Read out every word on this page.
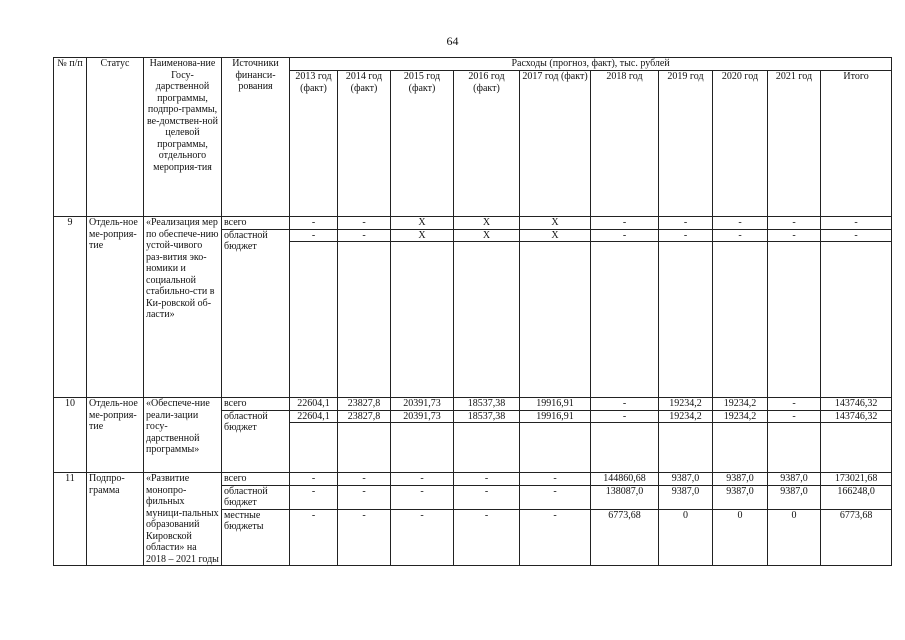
64
№ п/п	Статус	Наименова-ние Госу-дарственной программы, подпро-граммы, ве-домствен-ной целевой программы, отдельного мероприя-тия	Источники финанси-рования	Расходы (прогноз, факт), тыс. рублей									
				2013 год (факт)	2014 год (факт)	2015 год (факт)	2016 год (факт)	2017 год (факт)	2018 год	2019 год	2020 год	2021 год	Итого
9	Отдель-ное ме-роприя-тие	«Реализация мер по обеспече-нию устой-чивого раз-вития эко-номики и социальной стабильно-сти в Ки-ровской об-ласти»	всего	-	-	X	X	X	-	-	-	-	-
			областной бюджет	-	-	X	X	X	-	-	-	-	-

10	Отдель-ное ме-роприя-тие	«Обеспече-ние реали-зации госу-дарственной программы»	всего	22604,1	23827,8	20391,73	18537,38	19916,91	-	19234,2	19234,2	-	143746,32
			областной бюджет	22604,1	23827,8	20391,73	18537,38	19916,91	-	19234,2	19234,2	-	143746,32

11	Подпро-грамма	«Развитие монопро-фильных муници-пальных образований Кировской области» на 2018 – 2021 годы	всего	-	-	-	-	-	144860,68	9387,0	9387,0	9387,0	173021,68
			областной бюджет	-	-	-	-	-	138087,0	9387,0	9387,0	9387,0	166248,0
			местные бюджеты	-	-	-	-	-	6773,68	0	0	0	6773,68
